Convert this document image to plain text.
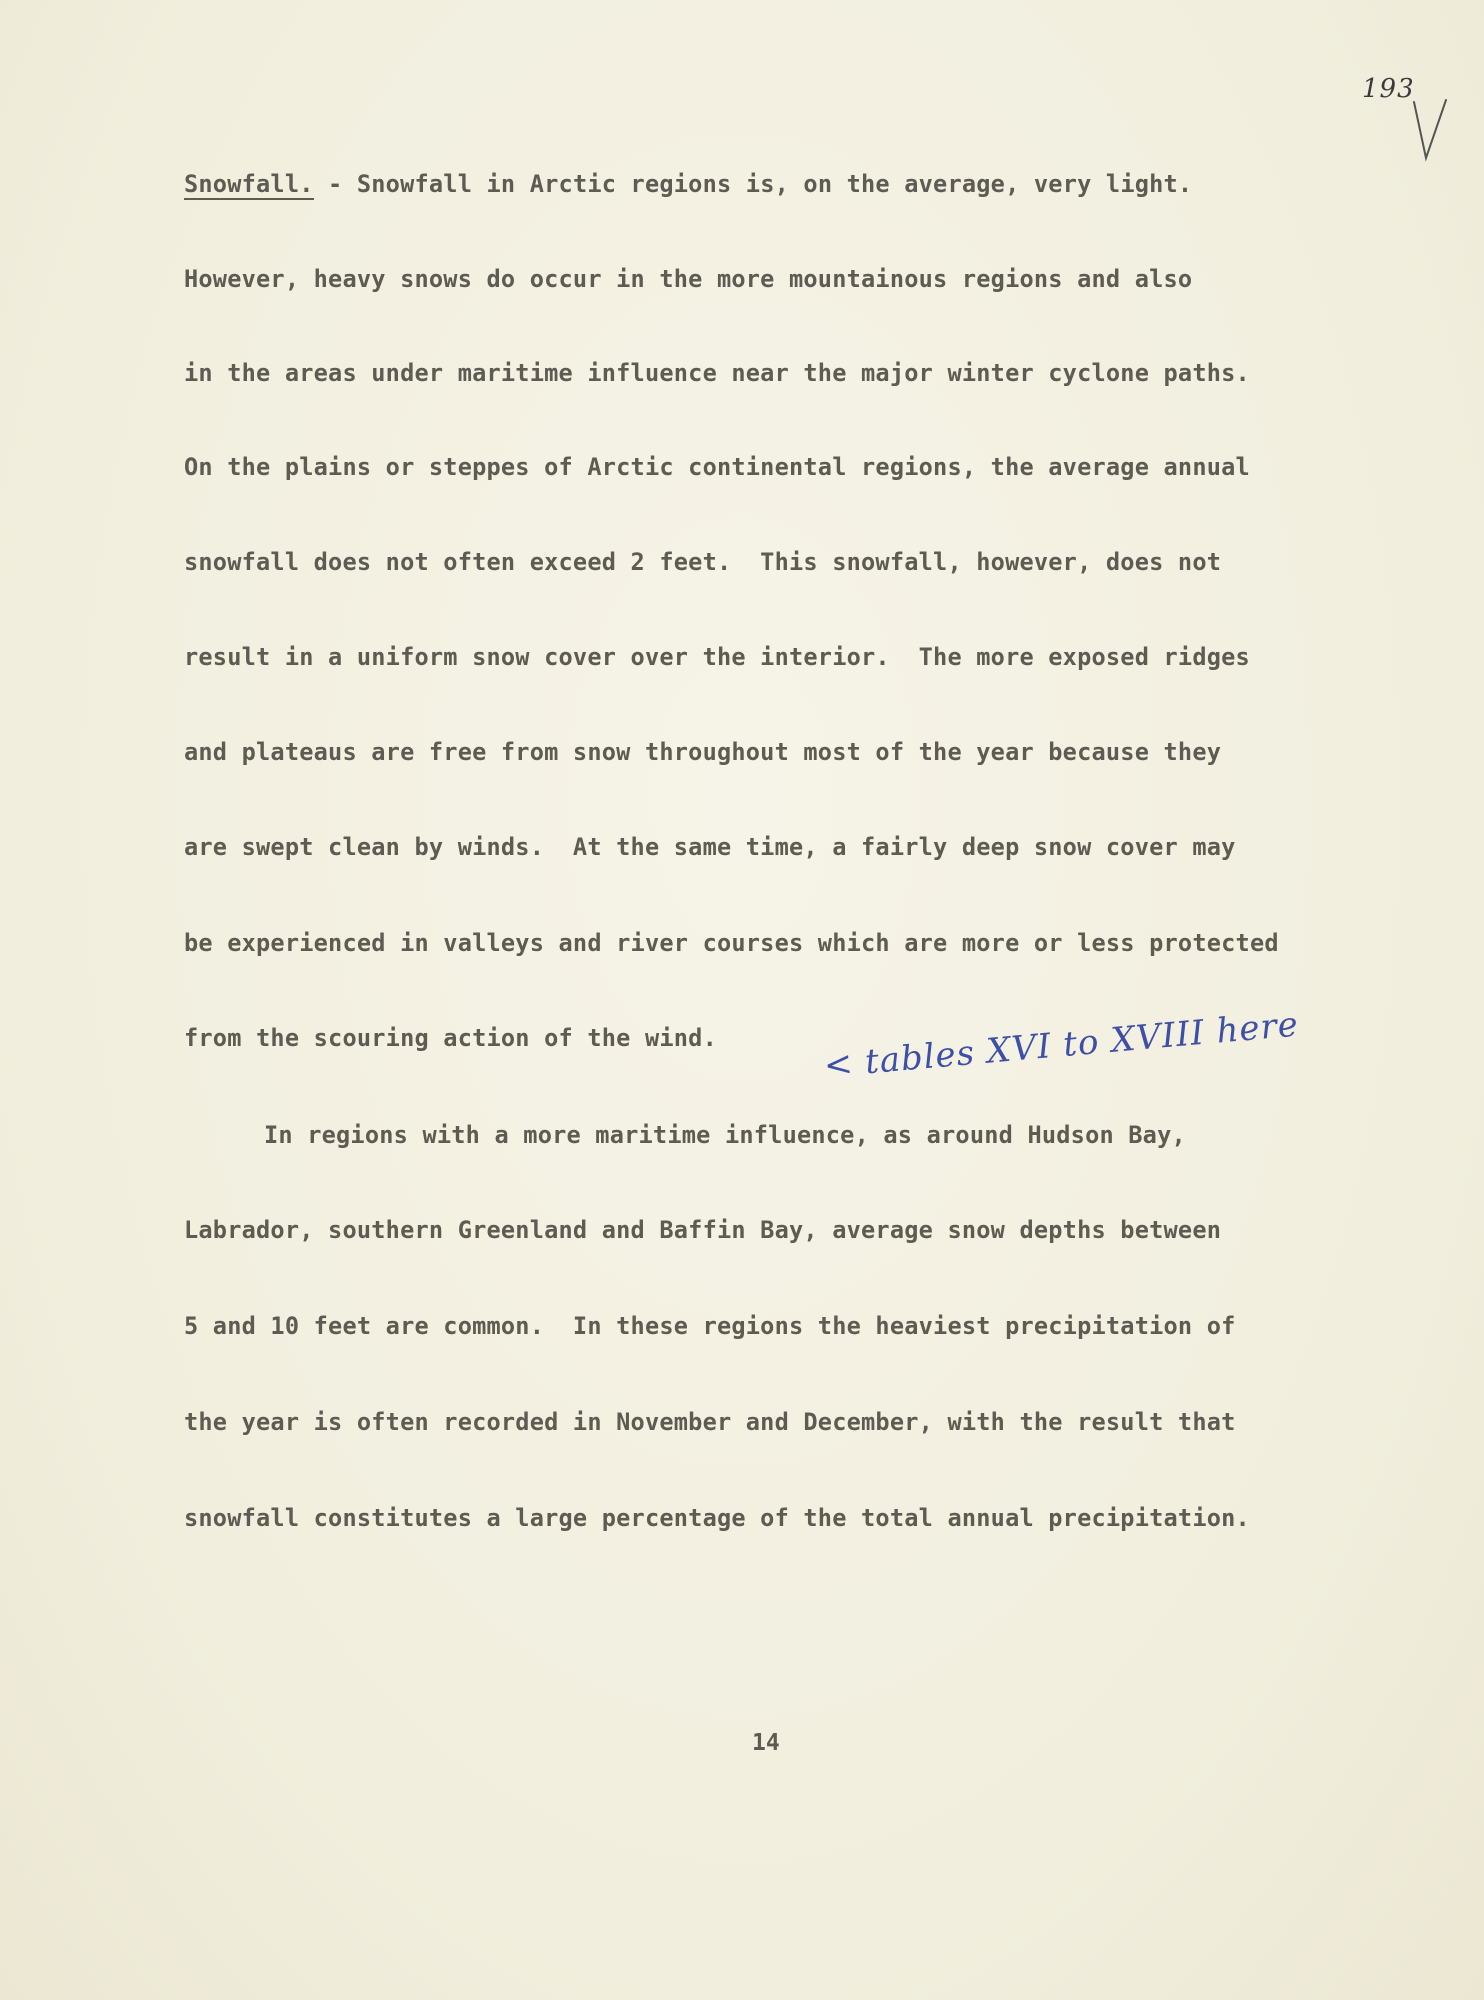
193
Snowfall. - Snowfall in Arctic regions is, on the average, very light.
However, heavy snows do occur in the more mountainous regions and also
in the areas under maritime influence near the major winter cyclone paths.
On the plains or steppes of Arctic continental regions, the average annual
snowfall does not often exceed 2 feet.  This snowfall, however, does not
result in a uniform snow cover over the interior.  The more exposed ridges
and plateaus are free from snow throughout most of the year because they
are swept clean by winds.  At the same time, a fairly deep snow cover may
be experienced in valleys and river courses which are more or less protected
from the scouring action of the wind.	< tables XVI to XVIII here
In regions with a more maritime influence, as around Hudson Bay,
Labrador, southern Greenland and Baffin Bay, average snow depths between
5 and 10 feet are common.  In these regions the heaviest precipitation of
the year is often recorded in November and December, with the result that
snowfall constitutes a large percentage of the total annual precipitation.
14
